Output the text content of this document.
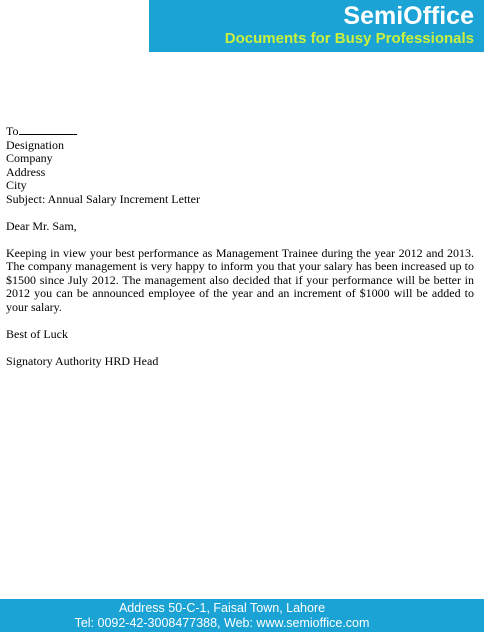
SemiOffice
Documents for Busy Professionals

To

Designation

Company

Address

City

Subject: Annual Salary Increment Letter

Dear Mr. Sam,

Keeping in view your best performance as Management Trainee during the year 2012 and 2013. The company management is very happy to inform you that your salary has been increased up to $1500 since July 2012. The management also decided that if your performance will be better in 2012 you can be announced employee of the year and an increment of $1000 will be added to your salary.

Best of Luck

Signatory Authority HRD Head

Address 50-C-1, Faisal Town, Lahore
Tel: 0092-42-3008477388, Web: www.semioffice.com
